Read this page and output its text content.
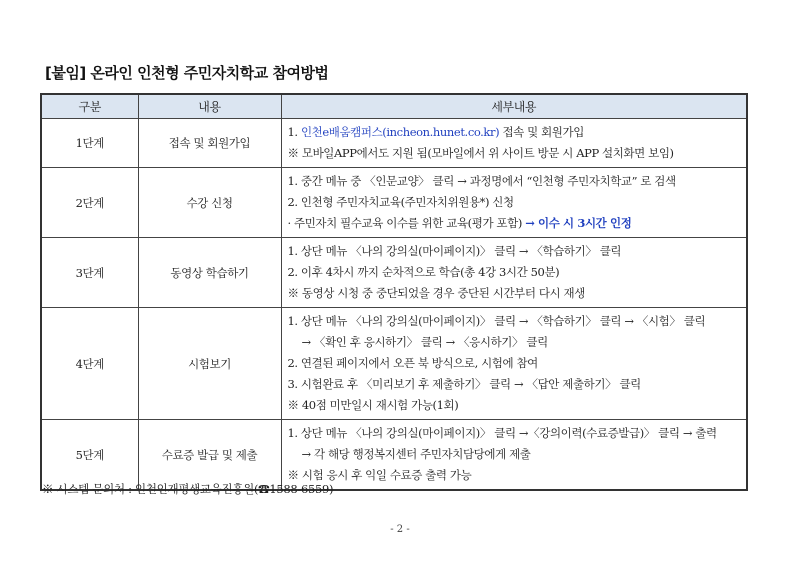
[붙임] 온라인 인천형 주민자치학교 참여방법
구분	내용	세부내용
1단계	접속 및 회원가입	1. 인천e배움캠퍼스(incheon.hunet.co.kr) 접속 및 회원가입
※ 모바일APP에서도 지원 됨(모바일에서 위 사이트 방문 시 APP 설치화면 보임)

2단계	수강 신청	1. 중간 메뉴 중 〈인문교양〉 클릭 → 과정명에서 “인천형 주민자치학교” 로 검색
2. 인천형 주민자치교육(주민자치위원용*) 신청
· 주민자치 필수교육 이수를 위한 교육(평가 포함) → 이수 시 3시간 인정

3단계	동영상 학습하기	1. 상단 메뉴 〈나의 강의실(마이페이지)〉 클릭 → 〈학습하기〉 클릭
2. 이후 4차시 까지 순차적으로 학습(총 4강 3시간 50분)
※ 동영상 시청 중 중단되었을 경우 중단된 시간부터 다시 재생

4단계	시험보기	1. 상단 메뉴 〈나의 강의실(마이페이지)〉 클릭 → 〈학습하기〉 클릭 → 〈시험〉 클릭
→ 〈확인 후 응시하기〉 클릭 → 〈응시하기〉 클릭
2. 연결된 페이지에서 오픈 북 방식으로, 시험에 참여
3. 시험완료 후 〈미리보기 후 제출하기〉 클릭 → 〈답안 제출하기〉 클릭
※ 40점 미만일시 재시험 가능(1회)

5단계	수료증 발급 및 제출	1. 상단 메뉴 〈나의 강의실(마이페이지)〉 클릭 →〈강의이력(수료증발급)〉 클릭 → 출력
→ 각 해당 행정복지센터 주민자치담당에게 제출
※ 시험 응시 후 익일 수료증 출력 가능
※ 시스템 문의처 : 인천인재평생교육진흥원(☎1588-6559)
- 2 -
